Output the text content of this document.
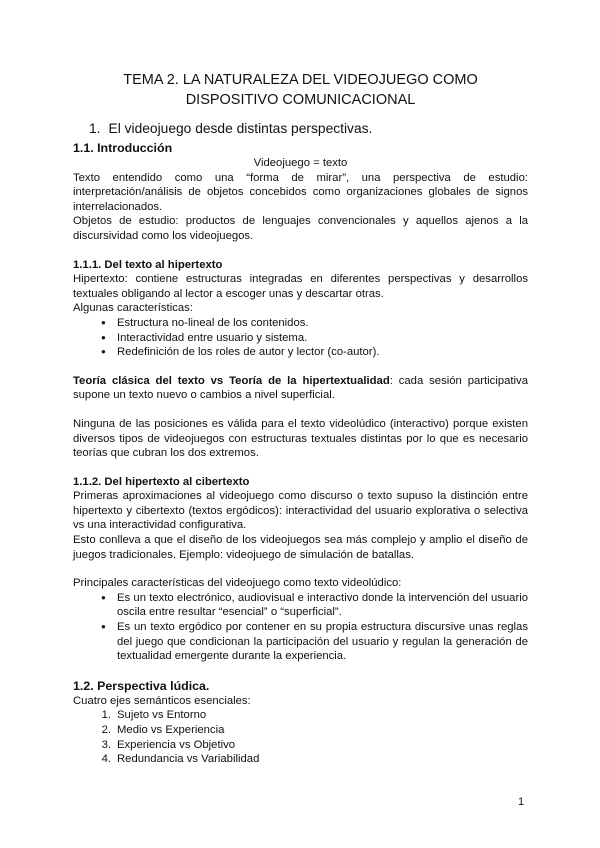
TEMA 2. LA NATURALEZA DEL VIDEOJUEGO COMO
DISPOSITIVO COMUNICACIONAL
1. El videojuego desde distintas perspectivas.
1.1. Introducción
Videojuego = texto

Texto entendido como una “forma de mirar”, una perspectiva de estudio: interpretación/análisis de objetos concebidos como organizaciones globales de signos interrelacionados.

Objetos de estudio: productos de lenguajes convencionales y aquellos ajenos a la discursividad como los videojuegos.

1.1.1. Del texto al hipertexto

Hipertexto: contiene estructuras integradas en diferentes perspectivas y desarrollos textuales obligando al lector a escoger unas y descartar otras.

Algunas características:

● Estructura no-lineal de los contenidos.
● Interactividad entre usuario y sistema.
● Redefinición de los roles de autor y lector (co-autor).

Teoría clásica del texto vs Teoría de la hipertextualidad: cada sesión participativa supone un texto nuevo o cambios a nivel superficial.

Ninguna de las posiciones es válida para el texto videolúdico (interactivo) porque existen diversos tipos de videojuegos con estructuras textuales distintas por lo que es necesario teorías que cubran los dos extremos.

1.1.2. Del hipertexto al cibertexto

Primeras aproximaciones al videojuego como discurso o texto supuso la distinción entre hipertexto y cibertexto (textos ergódicos): interactividad del usuario explorativa o selectiva vs una interactividad configurativa.

Esto conlleva a que el diseño de los videojuegos sea más complejo y amplio el diseño de juegos tradicionales. Ejemplo: videojuego de simulación de batallas.

Principales características del videojuego como texto videolúdico:

● Es un texto electrónico, audiovisual e interactivo donde la intervención del usuario oscila entre resultar “esencial” o “superficial”.
● Es un texto ergódico por contener en su propia estructura discursive unas reglas del juego que condicionan la participación del usuario y regulan la generación de textualidad emergente durante la experiencia.
1.2. Perspectiva lúdica.

Cuatro ejes semánticos esenciales:

1. Sujeto vs Entorno
2. Medio vs Experiencia
3. Experiencia vs Objetivo
4. Redundancia vs Variabilidad
1
